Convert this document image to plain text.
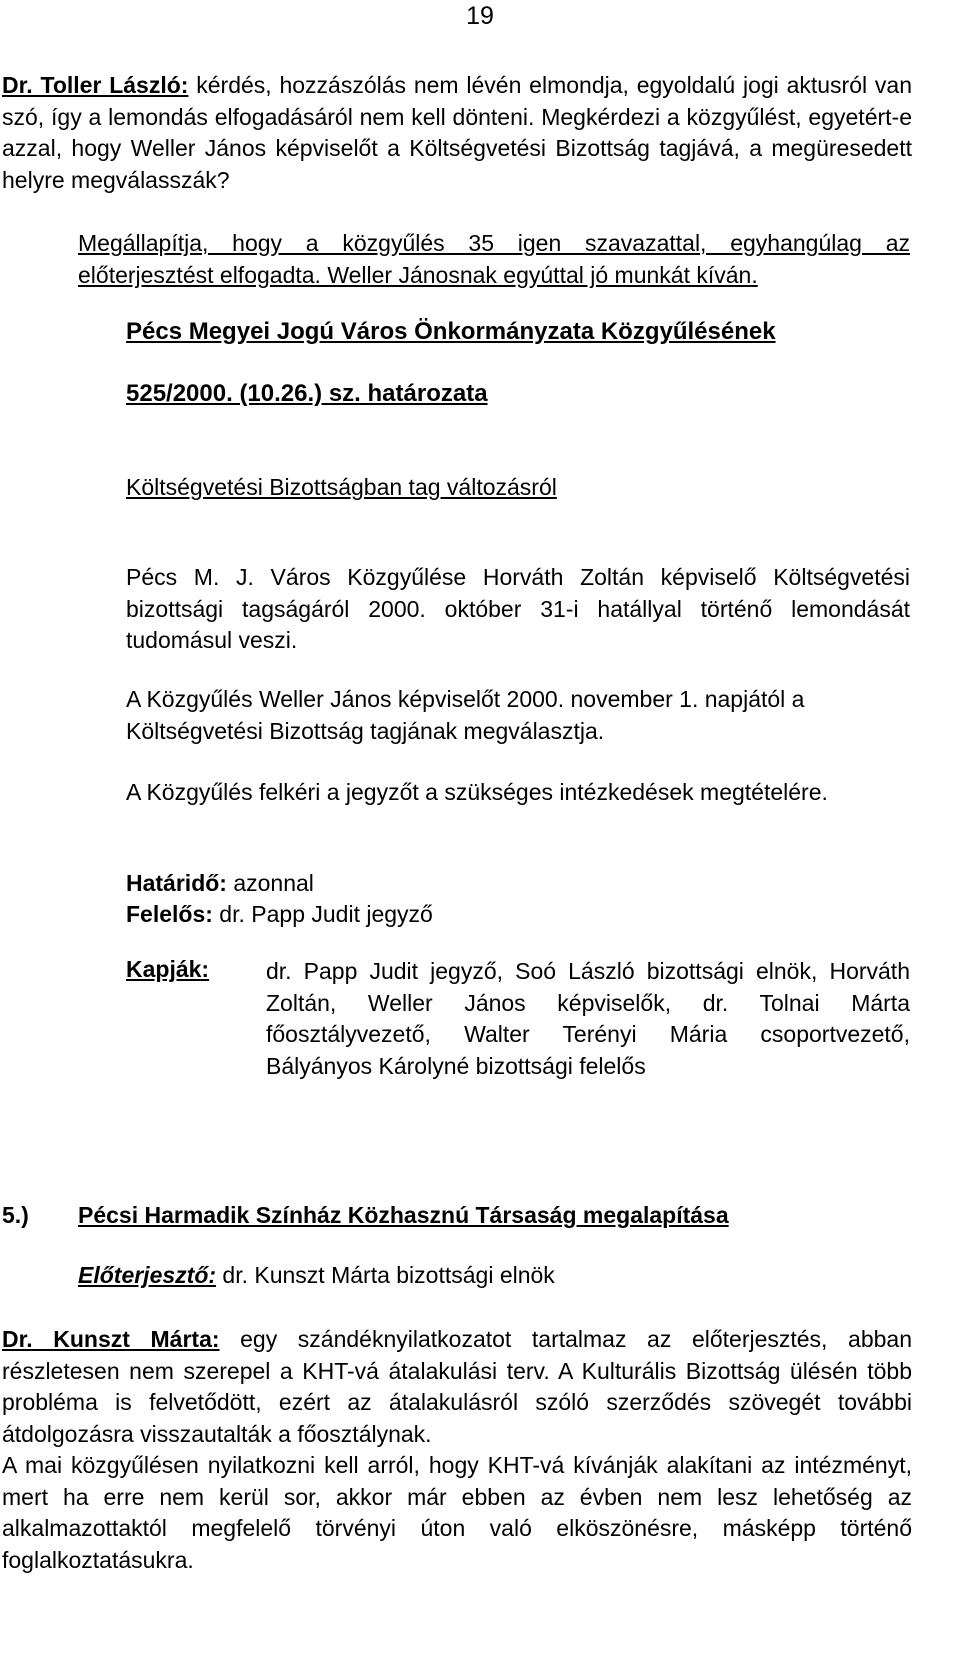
19

Dr. Toller László: kérdés, hozzászólás nem lévén elmondja, egyoldalú jogi aktusról van szó, így a lemondás elfogadásáról nem kell dönteni. Megkérdezi a közgyűlést, egyetért-e azzal, hogy Weller János képviselőt a Költségvetési Bizottság tagjává, a megüresedett helyre megválasszák?

Megállapítja, hogy a közgyűlés 35 igen szavazattal, egyhangúlag az előterjesztést elfogadta. Weller Jánosnak egyúttal jó munkát kíván.

Pécs Megyei Jogú Város Önkormányzata Közgyűlésének
525/2000. (10.26.) sz. határozata
Költségvetési Bizottságban tag változásról

Pécs M. J. Város Közgyűlése Horváth Zoltán képviselő Költségvetési bizottsági tagságáról 2000. október 31-i hatállyal történő lemondását tudomásul veszi.

A Közgyűlés Weller János képviselőt 2000. november 1. napjától a Költségvetési Bizottság tagjának megválasztja.

A Közgyűlés felkéri a jegyzőt a szükséges intézkedések megtételére.

Határidő: azonnal
Felelős: dr. Papp Judit jegyző
Kapják: dr. Papp Judit jegyző, Soó László bizottsági elnök, Horváth Zoltán, Weller János képviselők, dr. Tolnai Márta főosztályvezető, Walter Terényi Mária csoportvezető, Bályányos Károlyné bizottsági felelős

5.) Pécsi Harmadik Színház Közhasznú Társaság megalapítása
Előterjesztő: dr. Kunszt Márta bizottsági elnök

Dr. Kunszt Márta: egy szándéknyilatkozatot tartalmaz az előterjesztés, abban részletesen nem szerepel a KHT-vá átalakulási terv. A Kulturális Bizottság ülésén több probléma is felvetődött, ezért az átalakulásról szóló szerződés szövegét további átdolgozásra visszautalták a főosztálynak.

A mai közgyűlésen nyilatkozni kell arról, hogy KHT-vá kívánják alakítani az intézményt, mert ha erre nem kerül sor, akkor már ebben az évben nem lesz lehetőség az alkalmazottaktól megfelelő törvényi úton való elköszönésre, másképp történő foglalkoztatásukra.
